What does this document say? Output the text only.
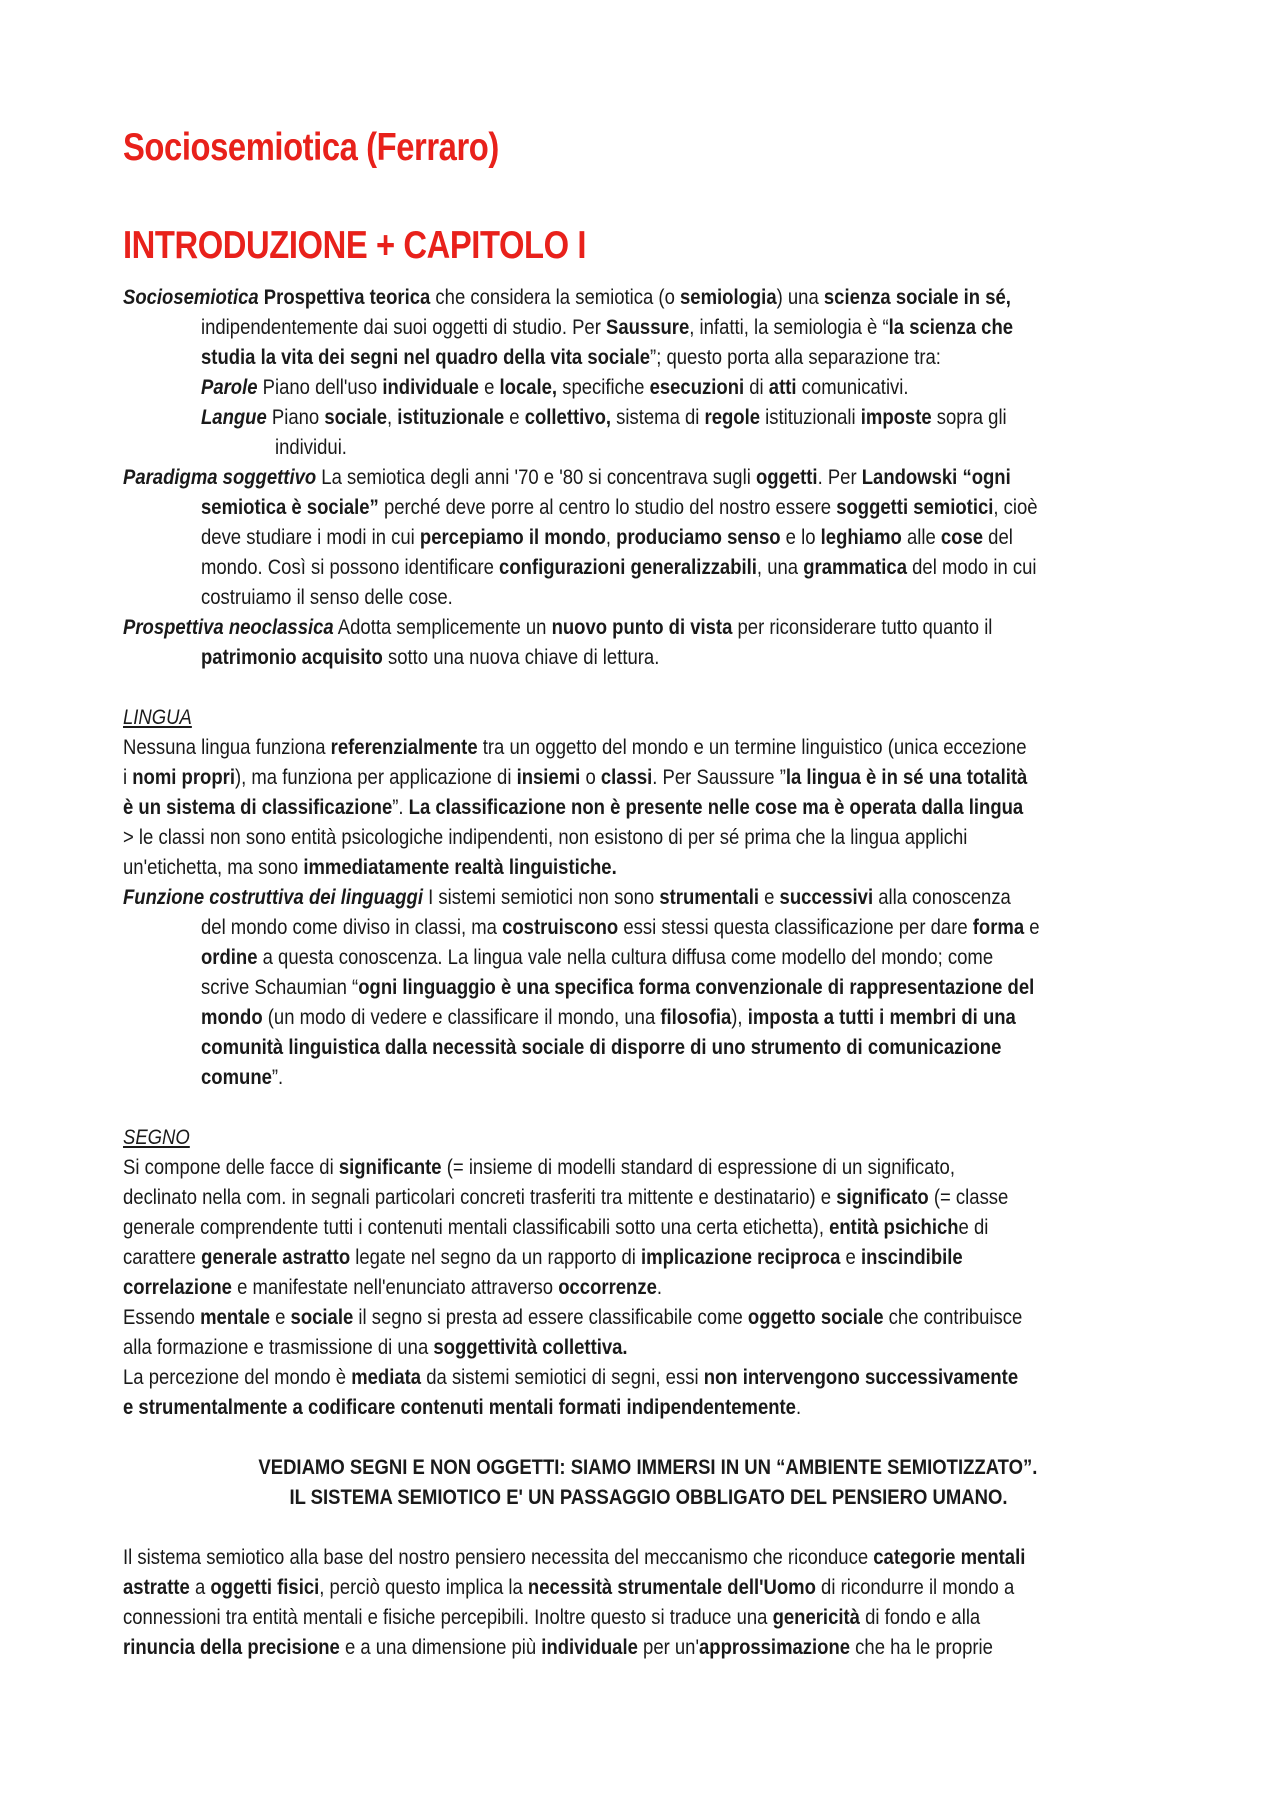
Sociosemiotica (Ferraro)
INTRODUZIONE + CAPITOLO I
Sociosemiotica Prospettiva teorica che considera la semiotica (o semiologia) una scienza sociale in sé,
indipendentemente dai suoi oggetti di studio. Per Saussure, infatti, la semiologia è “la scienza che
studia la vita dei segni nel quadro della vita sociale”; questo porta alla separazione tra:
Parole Piano dell'uso individuale e locale, specifiche esecuzioni di atti comunicativi.
Langue Piano sociale, istituzionale e collettivo, sistema di regole istituzionali imposte sopra gli
individui.
Paradigma soggettivo La semiotica degli anni '70 e '80 si concentrava sugli oggetti. Per Landowski “ogni
semiotica è sociale” perché deve porre al centro lo studio del nostro essere soggetti semiotici, cioè
deve studiare i modi in cui percepiamo il mondo, produciamo senso e lo leghiamo alle cose del
mondo. Così si possono identificare configurazioni generalizzabili, una grammatica del modo in cui
costruiamo il senso delle cose.
Prospettiva neoclassica Adotta semplicemente un nuovo punto di vista per riconsiderare tutto quanto il
patrimonio acquisito sotto una nuova chiave di lettura.
LINGUA
Nessuna lingua funziona referenzialmente tra un oggetto del mondo e un termine linguistico (unica eccezione
i nomi propri), ma funziona per applicazione di insiemi o classi. Per Saussure ”la lingua è in sé una totalità
è un sistema di classificazione”. La classificazione non è presente nelle cose ma è operata dalla lingua
> le classi non sono entità psicologiche indipendenti, non esistono di per sé prima che la lingua applichi
un'etichetta, ma sono immediatamente realtà linguistiche.
Funzione costruttiva dei linguaggi I sistemi semiotici non sono strumentali e successivi alla conoscenza
del mondo come diviso in classi, ma costruiscono essi stessi questa classificazione per dare forma e
ordine a questa conoscenza. La lingua vale nella cultura diffusa come modello del mondo; come
scrive Schaumian “ogni linguaggio è una specifica forma convenzionale di rappresentazione del
mondo (un modo di vedere e classificare il mondo, una filosofia), imposta a tutti i membri di una
comunità linguistica dalla necessità sociale di disporre di uno strumento di comunicazione
comune”.
SEGNO
Si compone delle facce di significante (= insieme di modelli standard di espressione di un significato,
declinato nella com. in segnali particolari concreti trasferiti tra mittente e destinatario) e significato (= classe
generale comprendente tutti i contenuti mentali classificabili sotto una certa etichetta), entità psichiche di
carattere generale astratto legate nel segno da un rapporto di implicazione reciproca e inscindibile
correlazione e manifestate nell'enunciato attraverso occorrenze.
Essendo mentale e sociale il segno si presta ad essere classificabile come oggetto sociale che contribuisce
alla formazione e trasmissione di una soggettività collettiva.
La percezione del mondo è mediata da sistemi semiotici di segni, essi non intervengono successivamente
e strumentalmente a codificare contenuti mentali formati indipendentemente.
VEDIAMO SEGNI E NON OGGETTI: SIAMO IMMERSI IN UN “AMBIENTE SEMIOTIZZATO”.
IL SISTEMA SEMIOTICO E' UN PASSAGGIO OBBLIGATO DEL PENSIERO UMANO.
Il sistema semiotico alla base del nostro pensiero necessita del meccanismo che riconduce categorie mentali
astratte a oggetti fisici, perciò questo implica la necessità strumentale dell'Uomo di ricondurre il mondo a
connessioni tra entità mentali e fisiche percepibili. Inoltre questo si traduce una genericità di fondo e alla
rinuncia della precisione e a una dimensione più individuale per un'approssimazione che ha le proprie
